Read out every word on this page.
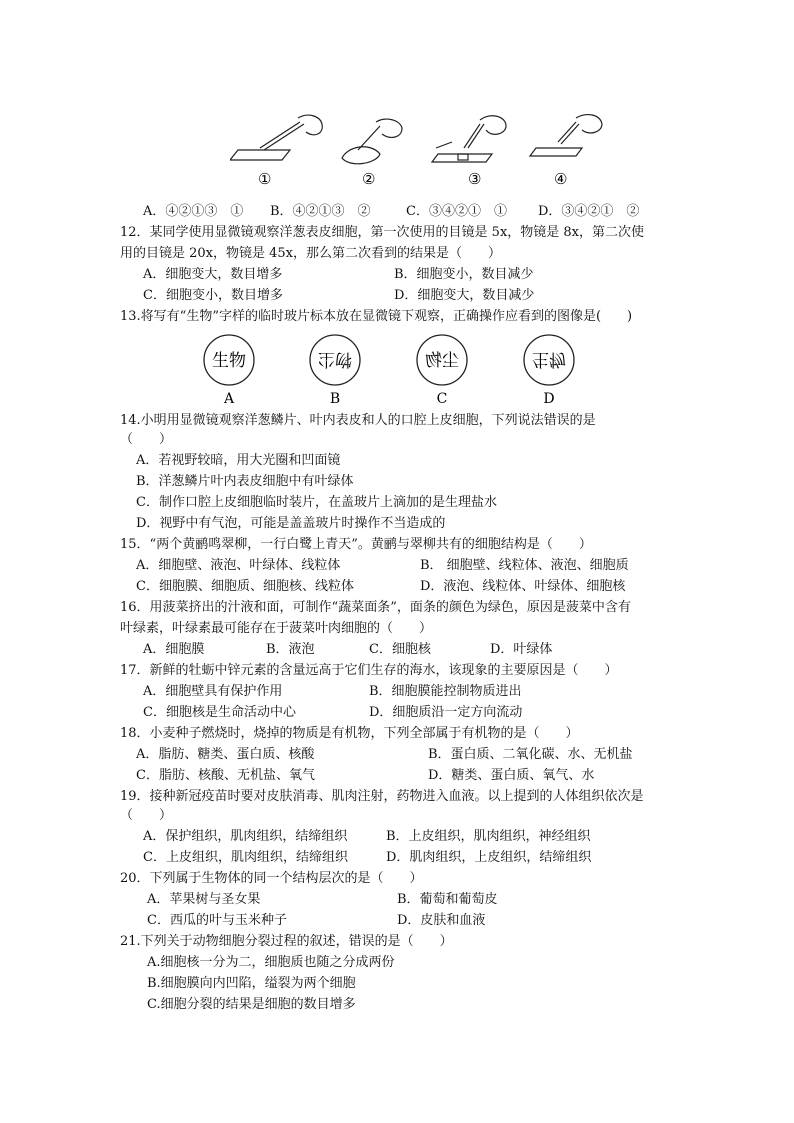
①	②	③	④
A．④②①③　① B．④②①③　②	C．③④②①　① D．③④②①　②
12．某同学使用显微镜观察洋葱表皮细胞，第一次使用的目镜是 5x，物镜是 8x，第二次使
用的目镜是 20x，物镜是 45x，那么第二次看到的结果是（　　）
A．细胞变大，数目增多	B．细胞变小，数目减少
C．细胞变小，数目增多	D．细胞变大，数目减少
13.将写有“生物”字样的临时玻片标本放在显微镜下观察，正确操作应看到的图像是(　　)
生物	物尘	尘物	生物
A	B	C	D
14.小明用显微镜观察洋葱鳞片、叶内表皮和人的口腔上皮细胞，下列说法错误的是
（　　）
A．若视野较暗，用大光圈和凹面镜
B．洋葱鳞片叶内表皮细胞中有叶绿体
C．制作口腔上皮细胞临时装片，在盖玻片上滴加的是生理盐水
D．视野中有气泡，可能是盖盖玻片时操作不当造成的
15．“两个黄鹂鸣翠柳，一行白鹭上青天”。黄鹂与翠柳共有的细胞结构是（　　）
A．细胞壁、液泡、叶绿体、线粒体	B． 细胞壁、线粒体、液泡、细胞质
C．细胞膜、细胞质、细胞核、线粒体	D．液泡、线粒体、叶绿体、细胞核
16．用菠菜挤出的汁液和面，可制作“蔬菜面条”，面条的颜色为绿色，原因是菠菜中含有
叶绿素，叶绿素最可能存在于菠菜叶肉细胞的（　　）
A．细胞膜	B．液泡	C．细胞核	D．叶绿体
17．新鲜的牡蛎中锌元素的含量远高于它们生存的海水，该现象的主要原因是（　　）
A．细胞壁具有保护作用	B．细胞膜能控制物质进出
C．细胞核是生命活动中心	D．细胞质沿一定方向流动
18．小麦种子燃烧时，烧掉的物质是有机物，下列全部属于有机物的是（　　）
A．脂肪、糖类、蛋白质、核酸	B．蛋白质、二氧化碳、水、无机盐
C．脂肪、核酸、无机盐、氧气	D．糖类、蛋白质、氧气、水
19．接种新冠疫苗时要对皮肤消毒、肌肉注射，药物进入血液。以上提到的人体组织依次是
（　　）
A．保护组织，肌肉组织，结缔组织	B．上皮组织，肌肉组织，神经组织
C．上皮组织，肌肉组织，结缔组织	D．肌肉组织，上皮组织，结缔组织
20．下列属于生物体的同一个结构层次的是（　　）
A．苹果树与圣女果	B．葡萄和葡萄皮
C．西瓜的叶与玉米种子	D．皮肤和血液
21.下列关于动物细胞分裂过程的叙述，错误的是（　　）
A.细胞核一分为二，细胞质也随之分成两份
B.细胞膜向内凹陷，缢裂为两个细胞
C.细胞分裂的结果是细胞的数目增多
